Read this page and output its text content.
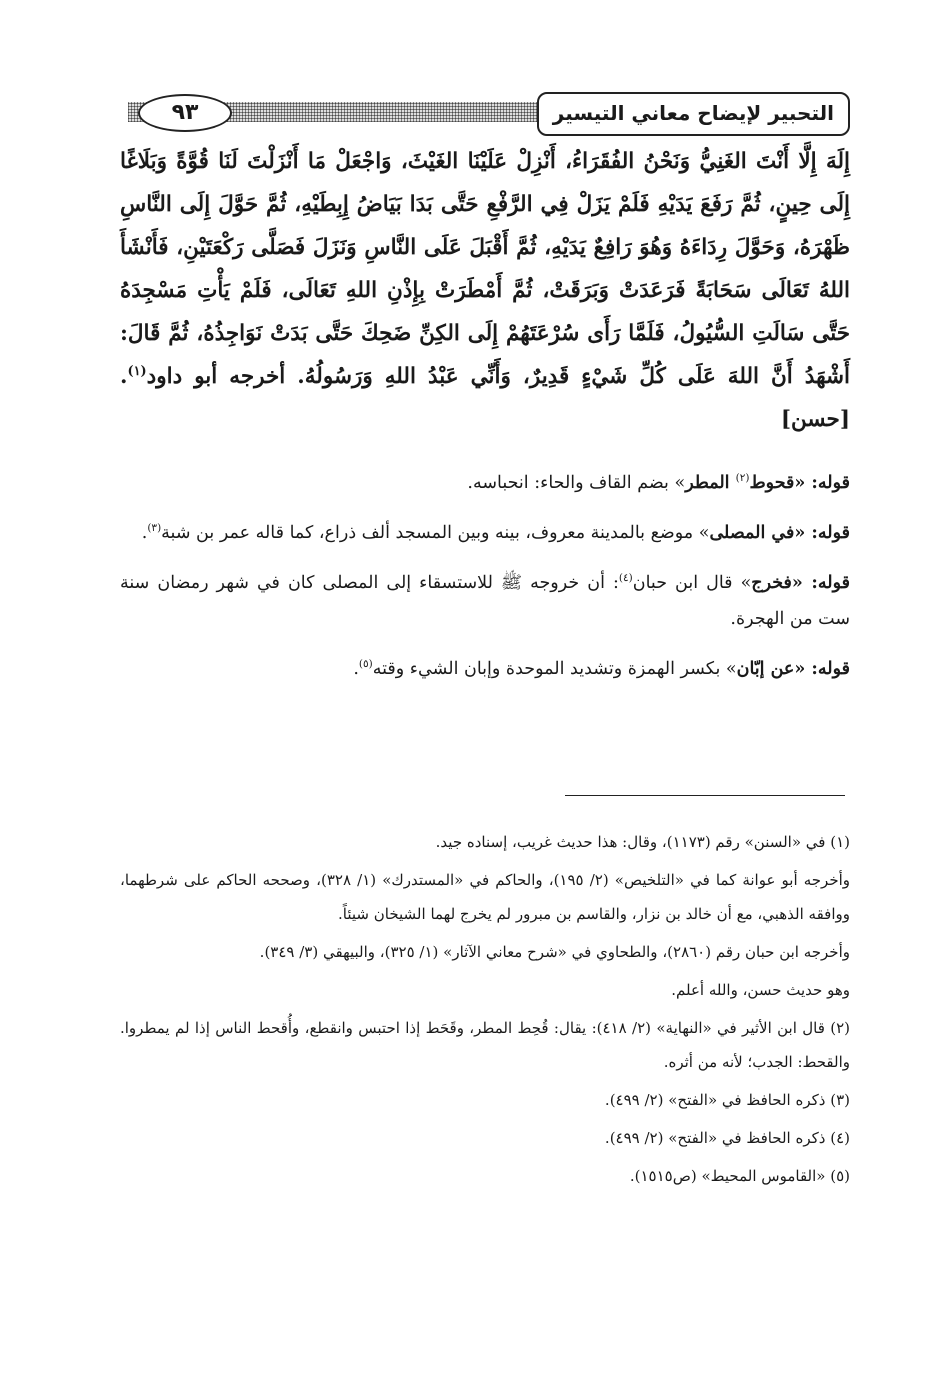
التحبير لإيضاح معاني التيسير
٩٣

إِلَهَ إِلَّا أَنْتَ الغَنِيُّ وَنَحْنُ الفُقَرَاءُ، أَنْزِلْ عَلَيْنَا الغَيْثَ، وَاجْعَلْ مَا أَنْزَلْتَ لَنَا قُوَّةً وَبَلَاغًا إِلَى حِينٍ، ثُمَّ رَفَعَ يَدَيْهِ فَلَمْ يَزَلْ فِي الرَّفْعِ حَتَّى بَدَا بَيَاضُ إِبِطَيْهِ، ثُمَّ حَوَّلَ إِلَى النَّاسِ ظَهْرَهُ، وَحَوَّلَ رِدَاءَهُ وَهُوَ رَافِعٌ يَدَيْهِ، ثُمَّ أَقْبَلَ عَلَى النَّاسِ وَنَزَلَ فَصَلَّى رَكْعَتَيْنِ، فَأَنْشَأَ اللهُ تَعَالَى سَحَابَةً فَرَعَدَتْ وَبَرَقَتْ، ثُمَّ أَمْطَرَتْ بِإِذْنِ اللهِ تَعَالَى، فَلَمْ يَأْتِ مَسْجِدَهُ حَتَّى سَالَتِ السُّيُولُ، فَلَمَّا رَأَى سُرْعَتَهُمْ إِلَى الكِنِّ ضَحِكَ حَتَّى بَدَتْ نَوَاجِذُهُ، ثُمَّ قَالَ: أَشْهَدُ أَنَّ اللهَ عَلَى كُلِّ شَيْءٍ قَدِيرٌ، وَأَنِّي عَبْدُ اللهِ وَرَسُولُهُ. أخرجه أبو داود$^{(١)}$. [حسن]

قوله: «قحوط$^{(٢)}$ المطر» بضم القاف والحاء: انحباسه.

قوله: «في المصلى» موضع بالمدينة معروف، بينه وبين المسجد ألف ذراع، كما قاله عمر بن شبة$^{(٣)}$.

قوله: «فخرج» قال ابن حبان$^{(٤)}$: أن خروجه ﷺ للاستسقاء إلى المصلى كان في شهر رمضان سنة ست من الهجرة.

قوله: «عن إبّان» بكسر الهمزة وتشديد الموحدة وإبان الشيء وقته$^{(٥)}$.

(١) في «السنن» رقم (١١٧٣)، وقال: هذا حديث غريب، إسناده جيد.

وأخرجه أبو عوانة كما في «التلخيص» (٢/ ١٩٥)، والحاكم في «المستدرك» (١/ ٣٢٨)، وصححه الحاكم على شرطهما، ووافقه الذهبي، مع أن خالد بن نزار، والقاسم بن مبرور لم يخرج لهما الشيخان شيئاً.

وأخرجه ابن حبان رقم (٢٨٦٠)، والطحاوي في «شرح معاني الآثار» (١/ ٣٢٥)، والبيهقي (٣/ ٣٤٩).

وهو حديث حسن، والله أعلم.

(٢) قال ابن الأثير في «النهاية» (٢/ ٤١٨): يقال: قُحِط المطر، وقَحَط إذا احتبس وانقطع، وأُقحط الناس إذا لم يمطروا. والقحط: الجدب؛ لأنه من أثره.

(٣) ذكره الحافظ في «الفتح» (٢/ ٤٩٩).

(٤) ذكره الحافظ في «الفتح» (٢/ ٤٩٩).

(٥) «القاموس المحيط» (ص١٥١٥).
